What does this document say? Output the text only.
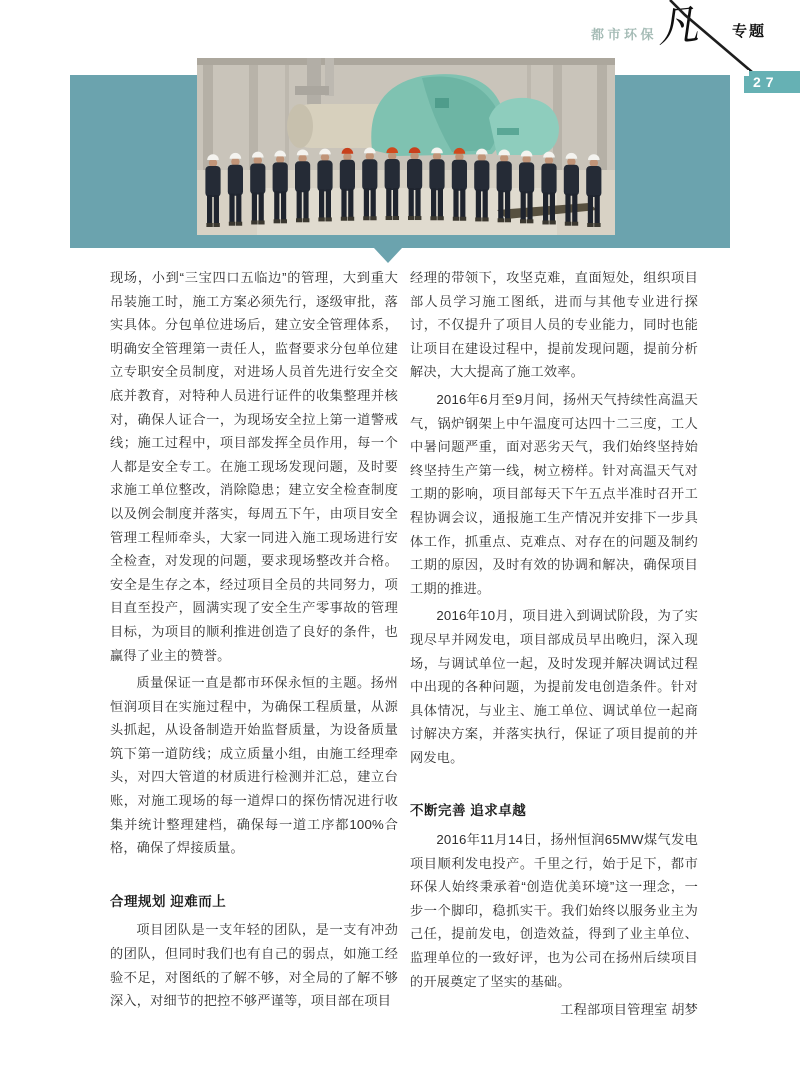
都市环保
凡 专题
27

现场，小到“三宝四口五临边”的管理，大到重大吊装施工时，施工方案必须先行，逐级审批，落实具体。分包单位进场后，建立安全管理体系，明确安全管理第一责任人，监督要求分包单位建立专职安全员制度，对进场人员首先进行安全交底并教育，对特种人员进行证件的收集整理并核对，确保人证合一，为现场安全拉上第一道警戒线；施工过程中，项目部发挥全员作用，每一个人都是安全专工。在施工现场发现问题，及时要求施工单位整改，消除隐患；建立安全检查制度以及例会制度并落实，每周五下午，由项目安全管理工程师牵头，大家一同进入施工现场进行安全检查，对发现的问题，要求现场整改并合格。安全是生存之本，经过项目全员的共同努力，项目直至投产，圆满实现了安全生产零事故的管理目标，为项目的顺利推进创造了良好的条件，也赢得了业主的赞誉。

质量保证一直是都市环保永恒的主题。扬州恒润项目在实施过程中，为确保工程质量，从源头抓起，从设备制造开始监督质量，为设备质量筑下第一道防线；成立质量小组，由施工经理牵头，对四大管道的材质进行检测并汇总，建立台账，对施工现场的每一道焊口的探伤情况进行收集并统计整理建档，确保每一道工序都100%合格，确保了焊接质量。

合理规划 迎难而上

项目团队是一支年轻的团队，是一支有冲劲的团队，但同时我们也有自己的弱点，如施工经验不足，对图纸的了解不够，对全局的了解不够深入，对细节的把控不够严谨等，项目部在项目

经理的带领下，攻坚克难，直面短处，组织项目部人员学习施工图纸，进而与其他专业进行探讨，不仅提升了项目人员的专业能力，同时也能让项目在建设过程中，提前发现问题，提前分析解决，大大提高了施工效率。

2016年6月至9月间，扬州天气持续性高温天气，锅炉钢架上中午温度可达四十二三度，工人中暑问题严重，面对恶劣天气，我们始终坚持始终坚持生产第一线，树立榜样。针对高温天气对工期的影响，项目部每天下午五点半准时召开工程协调会议，通报施工生产情况并安排下一步具体工作，抓重点、克难点、对存在的问题及制约工期的原因，及时有效的协调和解决，确保项目工期的推进。

2016年10月，项目进入到调试阶段，为了实现尽早并网发电，项目部成员早出晚归，深入现场，与调试单位一起，及时发现并解决调试过程中出现的各种问题，为提前发电创造条件。针对具体情况，与业主、施工单位、调试单位一起商讨解决方案，并落实执行，保证了项目提前的并网发电。

不断完善 追求卓越

2016年11月14日，扬州恒润65MW煤气发电项目顺利发电投产。千里之行，始于足下，都市环保人始终秉承着“创造优美环境”这一理念，一步一个脚印，稳抓实干。我们始终以服务业主为己任，提前发电，创造效益，得到了业主单位、监理单位的一致好评，也为公司在扬州后续项目的开展奠定了坚实的基础。

工程部项目管理室 胡梦
